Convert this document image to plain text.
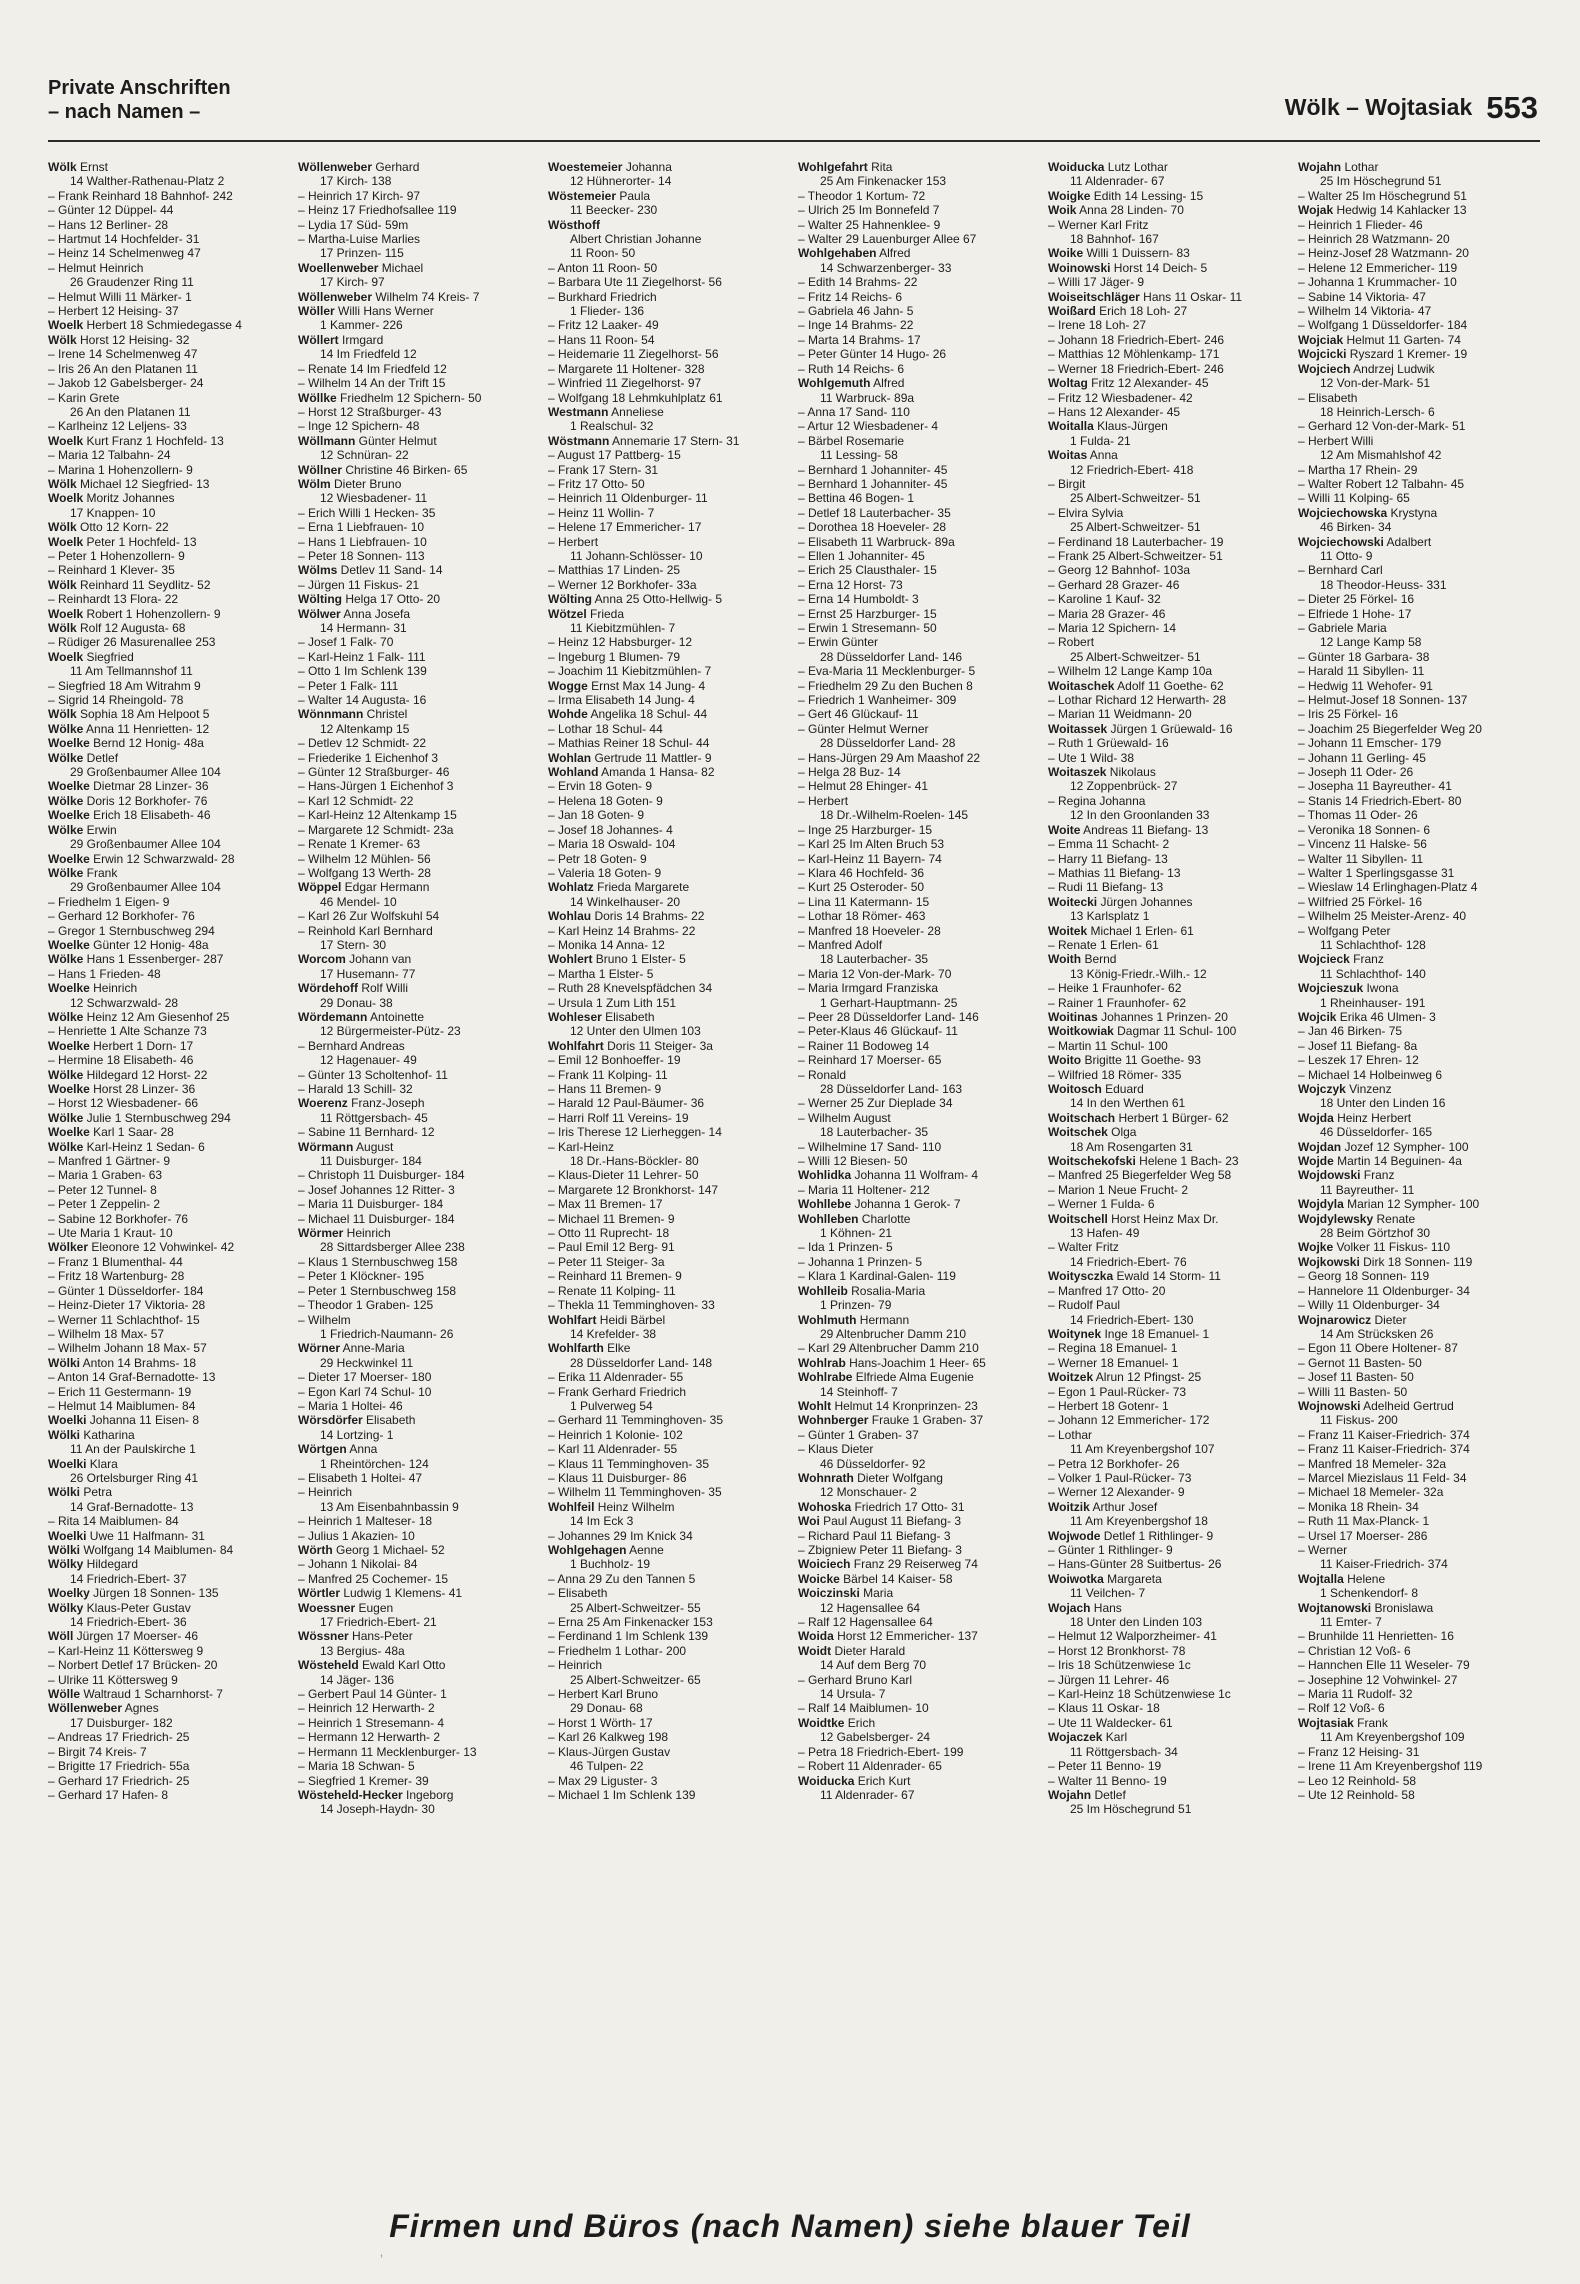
Private Anschriften
– nach Namen –	Wölk – Wojtasiak 553
Wölk Ernst
14 Walther-Rathenau-Platz 2
– Frank Reinhard 18 Bahnhof- 242
– Günter 12 Düppel- 44
– Hans 12 Berliner- 28
– Hartmut 14 Hochfelder- 31
– Heinz 14 Schelmenweg 47
– Helmut Heinrich
26 Graudenzer Ring 11
– Helmut Willi 11 Märker- 1
– Herbert 12 Heising- 37
Woelk Herbert 18 Schmiedegasse 4
Wölk Horst 12 Heising- 32
– Irene 14 Schelmenweg 47
– Iris 26 An den Platanen 11
– Jakob 12 Gabelsberger- 24
– Karin Grete
26 An den Platanen 11
– Karlheinz 12 Leljens- 33
Woelk Kurt Franz 1 Hochfeld- 13
– Maria 12 Talbahn- 24
– Marina 1 Hohenzollern- 9
Wölk Michael 12 Siegfried- 13
Woelk Moritz Johannes
17 Knappen- 10
Wölk Otto 12 Korn- 22
Woelk Peter 1 Hochfeld- 13
– Peter 1 Hohenzollern- 9
– Reinhard 1 Klever- 35
Wölk Reinhard 11 Seydlitz- 52
– Reinhardt 13 Flora- 22
Woelk Robert 1 Hohenzollern- 9
Wölk Rolf 12 Augusta- 68
– Rüdiger 26 Masurenallee 253
Woelk Siegfried
11 Am Tellmannshof 11
– Siegfried 18 Am Witrahm 9
– Sigrid 14 Rheingold- 78
Wölk Sophia 18 Am Helpoot 5
Wölke Anna 11 Henrietten- 12
Woelke Bernd 12 Honig- 48a
Wölke Detlef
29 Großenbaumer Allee 104
Woelke Dietmar 28 Linzer- 36
Wölke Doris 12 Borkhofer- 76
Woelke Erich 18 Elisabeth- 46
Wölke Erwin
29 Großenbaumer Allee 104
Woelke Erwin 12 Schwarzwald- 28
Wölke Frank
29 Großenbaumer Allee 104
– Friedhelm 1 Eigen- 9
– Gerhard 12 Borkhofer- 76
– Gregor 1 Sternbuschweg 294
Woelke Günter 12 Honig- 48a
Wölke Hans 1 Essenberger- 287
– Hans 1 Frieden- 48
Woelke Heinrich
12 Schwarzwald- 28
Wölke Heinz 12 Am Giesenhof 25
– Henriette 1 Alte Schanze 73
Woelke Herbert 1 Dorn- 17
– Hermine 18 Elisabeth- 46
Wölke Hildegard 12 Horst- 22
Woelke Horst 28 Linzer- 36
– Horst 12 Wiesbadener- 66
Wölke Julie 1 Sternbuschweg 294
Woelke Karl 1 Saar- 28
Wölke Karl-Heinz 1 Sedan- 6
– Manfred 1 Gärtner- 9
– Maria 1 Graben- 63
– Peter 12 Tunnel- 8
– Peter 1 Zeppelin- 2
– Sabine 12 Borkhofer- 76
– Ute Maria 1 Kraut- 10
Wölker Eleonore 12 Vohwinkel- 42
– Franz 1 Blumenthal- 44
– Fritz 18 Wartenburg- 28
– Günter 1 Düsseldorfer- 184
– Heinz-Dieter 17 Viktoria- 28
– Werner 11 Schlachthof- 15
– Wilhelm 18 Max- 57
– Wilhelm Johann 18 Max- 57
Wölki Anton 14 Brahms- 18
– Anton 14 Graf-Bernadotte- 13
– Erich 11 Gestermann- 19
– Helmut 14 Maiblumen- 84
Woelki Johanna 11 Eisen- 8
Wölki Katharina
11 An der Paulskirche 1
Woelki Klara
26 Ortelsburger Ring 41
Wölki Petra
14 Graf-Bernadotte- 13
– Rita 14 Maiblumen- 84
Woelki Uwe 11 Halfmann- 31
Wölki Wolfgang 14 Maiblumen- 84
Wölky Hildegard
14 Friedrich-Ebert- 37
Woelky Jürgen 18 Sonnen- 135
Wölky Klaus-Peter Gustav
14 Friedrich-Ebert- 36
Wöll Jürgen 17 Moerser- 46
– Karl-Heinz 11 Köttersweg 9
– Norbert Detlef 17 Brücken- 20
– Ulrike 11 Köttersweg 9
Wölle Waltraud 1 Scharnhorst- 7
Wöllenweber Agnes
17 Duisburger- 182
– Andreas 17 Friedrich- 25
– Birgit 74 Kreis- 7
– Brigitte 17 Friedrich- 55a
– Gerhard 17 Friedrich- 25
– Gerhard 17 Hafen- 8
Wöllenweber Gerhard
17 Kirch- 138
– Heinrich 17 Kirch- 97
– Heinz 17 Friedhofsallee 119
– Lydia 17 Süd- 59m
– Martha-Luise Marlies
17 Prinzen- 115
Woellenweber Michael
17 Kirch- 97
Wöllenweber Wilhelm 74 Kreis- 7
Wöller Willi Hans Werner
1 Kammer- 226
Wöllert Irmgard
14 Im Friedfeld 12
– Renate 14 Im Friedfeld 12
– Wilhelm 14 An der Trift 15
Wöllke Friedhelm 12 Spichern- 50
– Horst 12 Straßburger- 43
– Inge 12 Spichern- 48
Wöllmann Günter Helmut
12 Schnüran- 22
Wöllner Christine 46 Birken- 65
Wölm Dieter Bruno
12 Wiesbadener- 11
– Erich Willi 1 Hecken- 35
– Erna 1 Liebfrauen- 10
– Hans 1 Liebfrauen- 10
– Peter 18 Sonnen- 113
Wölms Detlev 11 Sand- 14
– Jürgen 11 Fiskus- 21
Wölting Helga 17 Otto- 20
Wölwer Anna Josefa
14 Hermann- 31
– Josef 1 Falk- 70
– Karl-Heinz 1 Falk- 111
– Otto 1 Im Schlenk 139
– Peter 1 Falk- 111
– Walter 14 Augusta- 16
Wönnmann Christel
12 Altenkamp 15
– Detlev 12 Schmidt- 22
– Friederike 1 Eichenhof 3
– Günter 12 Straßburger- 46
– Hans-Jürgen 1 Eichenhof 3
– Karl 12 Schmidt- 22
– Karl-Heinz 12 Altenkamp 15
– Margarete 12 Schmidt- 23a
– Renate 1 Kremer- 63
– Wilhelm 12 Mühlen- 56
– Wolfgang 13 Werth- 28
Wöppel Edgar Hermann
46 Mendel- 10
– Karl 26 Zur Wolfskuhl 54
– Reinhold Karl Bernhard
17 Stern- 30
Worcom Johann van
17 Husemann- 77
Wördehoff Rolf Willi
29 Donau- 38
Wördemann Antoinette
12 Bürgermeister-Pütz- 23
– Bernhard Andreas
12 Hagenauer- 49
– Günter 13 Scholtenhof- 11
– Harald 13 Schill- 32
Woerenz Franz-Joseph
11 Röttgersbach- 45
– Sabine 11 Bernhard- 12
Wörmann August
11 Duisburger- 184
– Christoph 11 Duisburger- 184
– Josef Johannes 12 Ritter- 3
– Maria 11 Duisburger- 184
– Michael 11 Duisburger- 184
Wörmer Heinrich
28 Sittardsberger Allee 238
– Klaus 1 Sternbuschweg 158
– Peter 1 Klöckner- 195
– Peter 1 Sternbuschweg 158
– Theodor 1 Graben- 125
– Wilhelm
1 Friedrich-Naumann- 26
Wörner Anne-Maria
29 Heckwinkel 11
– Dieter 17 Moerser- 180
– Egon Karl 74 Schul- 10
– Maria 1 Holtei- 46
Wörsdörfer Elisabeth
14 Lortzing- 1
Wörtgen Anna
1 Rheintörchen- 124
– Elisabeth 1 Holtei- 47
– Heinrich
13 Am Eisenbahnbassin 9
– Heinrich 1 Malteser- 18
– Julius 1 Akazien- 10
Wörth Georg 1 Michael- 52
– Johann 1 Nikolai- 84
– Manfred 25 Cochemer- 15
Wörtler Ludwig 1 Klemens- 41
Woessner Eugen
17 Friedrich-Ebert- 21
Wössner Hans-Peter
13 Bergius- 48a
Wösteheld Ewald Karl Otto
14 Jäger- 136
– Gerbert Paul 14 Günter- 1
– Heinrich 12 Herwarth- 2
– Heinrich 1 Stresemann- 4
– Hermann 12 Herwarth- 2
– Hermann 11 Mecklenburger- 13
– Maria 18 Schwan- 5
– Siegfried 1 Kremer- 39
Wösteheld-Hecker Ingeborg
14 Joseph-Haydn- 30
Woestemeier Johanna
12 Hühnerorter- 14
Wöstemeier Paula
11 Beecker- 230
Wösthoff
Albert Christian Johanne
11 Roon- 50
– Anton 11 Roon- 50
– Barbara Ute 11 Ziegelhorst- 56
– Burkhard Friedrich
1 Flieder- 136
– Fritz 12 Laaker- 49
– Hans 11 Roon- 54
– Heidemarie 11 Ziegelhorst- 56
– Margarete 11 Holtener- 328
– Winfried 11 Ziegelhorst- 97
– Wolfgang 18 Lehmkuhlplatz 61
Westmann Anneliese
1 Realschul- 32
Wöstmann Annemarie 17 Stern- 31
– August 17 Pattberg- 15
– Frank 17 Stern- 31
– Fritz 17 Otto- 50
– Heinrich 11 Oldenburger- 11
– Heinz 11 Wollin- 7
– Helene 17 Emmericher- 17
– Herbert
11 Johann-Schlösser- 10
– Matthias 17 Linden- 25
– Werner 12 Borkhofer- 33a
Wölting Anna 25 Otto-Hellwig- 5
Wötzel Frieda
11 Kiebitzmühlen- 7
– Heinz 12 Habsburger- 12
– Ingeburg 1 Blumen- 79
– Joachim 11 Kiebitzmühlen- 7
Wogge Ernst Max 14 Jung- 4
– Irma Elisabeth 14 Jung- 4
Wohde Angelika 18 Schul- 44
– Lothar 18 Schul- 44
– Mathias Reiner 18 Schul- 44
Wohlan Gertrude 11 Mattler- 9
Wohland Amanda 1 Hansa- 82
– Ervin 18 Goten- 9
– Helena 18 Goten- 9
– Jan 18 Goten- 9
– Josef 18 Johannes- 4
– Maria 18 Oswald- 104
– Petr 18 Goten- 9
– Valeria 18 Goten- 9
Wohlatz Frieda Margarete
14 Winkelhauser- 20
Wohlau Doris 14 Brahms- 22
– Karl Heinz 14 Brahms- 22
– Monika 14 Anna- 12
Wohlert Bruno 1 Elster- 5
– Martha 1 Elster- 5
– Ruth 28 Knevelspfädchen 34
– Ursula 1 Zum Lith 151
Wohleser Elisabeth
12 Unter den Ulmen 103
Wohlfahrt Doris 11 Steiger- 3a
– Emil 12 Bonhoeffer- 19
– Frank 11 Kolping- 11
– Hans 11 Bremen- 9
– Harald 12 Paul-Bäumer- 36
– Harri Rolf 11 Vereins- 19
– Iris Therese 12 Lierheggen- 14
– Karl-Heinz
18 Dr.-Hans-Böckler- 80
– Klaus-Dieter 11 Lehrer- 50
– Margarete 12 Bronkhorst- 147
– Max 11 Bremen- 17
– Michael 11 Bremen- 9
– Otto 11 Ruprecht- 18
– Paul Emil 12 Berg- 91
– Peter 11 Steiger- 3a
– Reinhard 11 Bremen- 9
– Renate 11 Kolping- 11
– Thekla 11 Temminghoven- 33
Wohlfart Heidi Bärbel
14 Krefelder- 38
Wohlfarth Elke
28 Düsseldorfer Land- 148
– Erika 11 Aldenrader- 55
– Frank Gerhard Friedrich
1 Pulverweg 54
– Gerhard 11 Temminghoven- 35
– Heinrich 1 Kolonie- 102
– Karl 11 Aldenrader- 55
– Klaus 11 Temminghoven- 35
– Klaus 11 Duisburger- 86
– Wilhelm 11 Temminghoven- 35
Wohlfeil Heinz Wilhelm
14 Im Eck 3
– Johannes 29 Im Knick 34
Wohlgehagen Aenne
1 Buchholz- 19
– Anna 29 Zu den Tannen 5
– Elisabeth
25 Albert-Schweitzer- 55
– Erna 25 Am Finkenacker 153
– Ferdinand 1 Im Schlenk 139
– Friedhelm 1 Lothar- 200
– Heinrich
25 Albert-Schweitzer- 65
– Herbert Karl Bruno
29 Donau- 68
– Horst 1 Wörth- 17
– Karl 26 Kalkweg 198
– Klaus-Jürgen Gustav
46 Tulpen- 22
– Max 29 Liguster- 3
– Michael 1 Im Schlenk 139
Wohlgefahrt Rita
25 Am Finkenacker 153
– Theodor 1 Kortum- 72
– Ulrich 25 Im Bonnefeld 7
– Walter 25 Hahnenklee- 9
– Walter 29 Lauenburger Allee 67
Wohlgehaben Alfred
14 Schwarzenberger- 33
– Edith 14 Brahms- 22
– Fritz 14 Reichs- 6
– Gabriela 46 Jahn- 5
– Inge 14 Brahms- 22
– Marta 14 Brahms- 17
– Peter Günter 14 Hugo- 26
– Ruth 14 Reichs- 6
Wohlgemuth Alfred
11 Warbruck- 89a
– Anna 17 Sand- 110
– Artur 12 Wiesbadener- 4
– Bärbel Rosemarie
11 Lessing- 58
– Bernhard 1 Johanniter- 45
– Bernhard 1 Johanniter- 45
– Bettina 46 Bogen- 1
– Detlef 18 Lauterbacher- 35
– Dorothea 18 Hoeveler- 28
– Elisabeth 11 Warbruck- 89a
– Ellen 1 Johanniter- 45
– Erich 25 Clausthaler- 15
– Erna 12 Horst- 73
– Erna 14 Humboldt- 3
– Ernst 25 Harzburger- 15
– Erwin 1 Stresemann- 50
– Erwin Günter
28 Düsseldorfer Land- 146
– Eva-Maria 11 Mecklenburger- 5
– Friedhelm 29 Zu den Buchen 8
– Friedrich 1 Wanheimer- 309
– Gert 46 Glückauf- 11
– Günter Helmut Werner
28 Düsseldorfer Land- 28
– Hans-Jürgen 29 Am Maashof 22
– Helga 28 Buz- 14
– Helmut 28 Ehinger- 41
– Herbert
18 Dr.-Wilhelm-Roelen- 145
– Inge 25 Harzburger- 15
– Karl 25 Im Alten Bruch 53
– Karl-Heinz 11 Bayern- 74
– Klara 46 Hochfeld- 36
– Kurt 25 Osteroder- 50
– Lina 11 Katermann- 15
– Lothar 18 Römer- 463
– Manfred 18 Hoeveler- 28
– Manfred Adolf
18 Lauterbacher- 35
– Maria 12 Von-der-Mark- 70
– Maria Irmgard Franziska
1 Gerhart-Hauptmann- 25
– Peer 28 Düsseldorfer Land- 146
– Peter-Klaus 46 Glückauf- 11
– Rainer 11 Bodoweg 14
– Reinhard 17 Moerser- 65
– Ronald
28 Düsseldorfer Land- 163
– Werner 25 Zur Dieplade 34
– Wilhelm August
18 Lauterbacher- 35
– Wilhelmine 17 Sand- 110
– Willi 12 Biesen- 50
Wohlidka Johanna 11 Wolfram- 4
– Maria 11 Holtener- 212
Wohllebe Johanna 1 Gerok- 7
Wohlleben Charlotte
1 Köhnen- 21
– Ida 1 Prinzen- 5
– Johanna 1 Prinzen- 5
– Klara 1 Kardinal-Galen- 119
Wohlleib Rosalia-Maria
1 Prinzen- 79
Wohlmuth Hermann
29 Altenbrucher Damm 210
– Karl 29 Altenbrucher Damm 210
Wohlrab Hans-Joachim 1 Heer- 65
Wohlrabe Elfriede Alma Eugenie
14 Steinhoff- 7
Wohlt Helmut 14 Kronprinzen- 23
Wohnberger Frauke 1 Graben- 37
– Günter 1 Graben- 37
– Klaus Dieter
46 Düsseldorfer- 92
Wohnrath Dieter Wolfgang
12 Monschauer- 2
Wohoska Friedrich 17 Otto- 31
Woi Paul August 11 Biefang- 3
– Richard Paul 11 Biefang- 3
– Zbigniew Peter 11 Biefang- 3
Woiciech Franz 29 Reiserweg 74
Woicke Bärbel 14 Kaiser- 58
Woiczinski Maria
12 Hagensallee 64
– Ralf 12 Hagensallee 64
Woida Horst 12 Emmericher- 137
Woidt Dieter Harald
14 Auf dem Berg 70
– Gerhard Bruno Karl
14 Ursula- 7
– Ralf 14 Maiblumen- 10
Woidtke Erich
12 Gabelsberger- 24
– Petra 18 Friedrich-Ebert- 199
– Robert 11 Aldenrader- 65
Woiducka Erich Kurt
11 Aldenrader- 67
Woiducka Lutz Lothar
11 Aldenrader- 67
Woigke Edith 14 Lessing- 15
Woik Anna 28 Linden- 70
– Werner Karl Fritz
18 Bahnhof- 167
Woike Willi 1 Duissern- 83
Woinowski Horst 14 Deich- 5
– Willi 17 Jäger- 9
Woiseitschläger Hans 11 Oskar- 11
Woißard Erich 18 Loh- 27
– Irene 18 Loh- 27
– Johann 18 Friedrich-Ebert- 246
– Matthias 12 Möhlenkamp- 171
– Werner 18 Friedrich-Ebert- 246
Woltag Fritz 12 Alexander- 45
– Fritz 12 Wiesbadener- 42
– Hans 12 Alexander- 45
Woitalla Klaus-Jürgen
1 Fulda- 21
Woitas Anna
12 Friedrich-Ebert- 418
– Birgit
25 Albert-Schweitzer- 51
– Elvira Sylvia
25 Albert-Schweitzer- 51
– Ferdinand 18 Lauterbacher- 19
– Frank 25 Albert-Schweitzer- 51
– Georg 12 Bahnhof- 103a
– Gerhard 28 Grazer- 46
– Karoline 1 Kauf- 32
– Maria 28 Grazer- 46
– Maria 12 Spichern- 14
– Robert
25 Albert-Schweitzer- 51
– Wilhelm 12 Lange Kamp 10a
Woitaschek Adolf 11 Goethe- 62
– Lothar Richard 12 Herwarth- 28
– Marian 11 Weidmann- 20
Woitassek Jürgen 1 Grüewald- 16
– Ruth 1 Grüewald- 16
– Ute 1 Wild- 38
Woitaszek Nikolaus
12 Zoppenbrück- 27
– Regina Johanna
12 In den Groonlanden 33
Woite Andreas 11 Biefang- 13
– Emma 11 Schacht- 2
– Harry 11 Biefang- 13
– Mathias 11 Biefang- 13
– Rudi 11 Biefang- 13
Woitecki Jürgen Johannes
13 Karlsplatz 1
Woitek Michael 1 Erlen- 61
– Renate 1 Erlen- 61
Woith Bernd
13 König-Friedr.-Wilh.- 12
– Heike 1 Fraunhofer- 62
– Rainer 1 Fraunhofer- 62
Woitinas Johannes 1 Prinzen- 20
Woitkowiak Dagmar 11 Schul- 100
– Martin 11 Schul- 100
Woito Brigitte 11 Goethe- 93
– Wilfried 18 Römer- 335
Woitosch Eduard
14 In den Werthen 61
Woitschach Herbert 1 Bürger- 62
Woitschek Olga
18 Am Rosengarten 31
Woitschekofski Helene 1 Bach- 23
– Manfred 25 Biegerfelder Weg 58
– Marion 1 Neue Frucht- 2
– Werner 1 Fulda- 6
Woitschell Horst Heinz Max Dr.
13 Hafen- 49
– Walter Fritz
14 Friedrich-Ebert- 76
Woitysczka Ewald 14 Storm- 11
– Manfred 17 Otto- 20
– Rudolf Paul
14 Friedrich-Ebert- 130
Woitynek Inge 18 Emanuel- 1
– Regina 18 Emanuel- 1
– Werner 18 Emanuel- 1
Woitzek Alrun 12 Pfingst- 25
– Egon 1 Paul-Rücker- 73
– Herbert 18 Gotenr- 1
– Johann 12 Emmericher- 172
– Lothar
11 Am Kreyenbergshof 107
– Petra 12 Borkhofer- 26
– Volker 1 Paul-Rücker- 73
– Werner 12 Alexander- 9
Woitzik Arthur Josef
11 Am Kreyenbergshof 18
Wojwode Detlef 1 Rithlinger- 9
– Günter 1 Rithlinger- 9
– Hans-Günter 28 Suitbertus- 26
Woiwotka Margareta
11 Veilchen- 7
Wojach Hans
18 Unter den Linden 103
– Helmut 12 Walporzheimer- 41
– Horst 12 Bronkhorst- 78
– Iris 18 Schützenwiese 1c
– Jürgen 11 Lehrer- 46
– Karl-Heinz 18 Schützenwiese 1c
– Klaus 11 Oskar- 18
– Ute 11 Waldecker- 61
Wojaczek Karl
11 Röttgersbach- 34
– Peter 11 Benno- 19
– Walter 11 Benno- 19
Wojahn Detlef
25 Im Höschegrund 51
Wojahn Lothar
25 Im Höschegrund 51
– Walter 25 Im Höschegrund 51
Wojak Hedwig 14 Kahlacker 13
– Heinrich 1 Flieder- 46
– Heinrich 28 Watzmann- 20
– Heinz-Josef 28 Watzmann- 20
– Helene 12 Emmericher- 119
– Johanna 1 Krummacher- 10
– Sabine 14 Viktoria- 47
– Wilhelm 14 Viktoria- 47
– Wolfgang 1 Düsseldorfer- 184
Wojciak Helmut 11 Garten- 74
Wojcicki Ryszard 1 Kremer- 19
Wojciech Andrzej Ludwik
12 Von-der-Mark- 51
– Elisabeth
18 Heinrich-Lersch- 6
– Gerhard 12 Von-der-Mark- 51
– Herbert Willi
12 Am Mismahlshof 42
– Martha 17 Rhein- 29
– Walter Robert 12 Talbahn- 45
– Willi 11 Kolping- 65
Wojciechowska Krystyna
46 Birken- 34
Wojciechowski Adalbert
11 Otto- 9
– Bernhard Carl
18 Theodor-Heuss- 331
– Dieter 25 Förkel- 16
– Elfriede 1 Hohe- 17
– Gabriele Maria
12 Lange Kamp 58
– Günter 18 Garbara- 38
– Harald 11 Sibyllen- 11
– Hedwig 11 Wehofer- 91
– Helmut-Josef 18 Sonnen- 137
– Iris 25 Förkel- 16
– Joachim 25 Biegerfelder Weg 20
– Johann 11 Emscher- 179
– Johann 11 Gerling- 45
– Joseph 11 Oder- 26
– Josepha 11 Bayreuther- 41
– Stanis 14 Friedrich-Ebert- 80
– Thomas 11 Oder- 26
– Veronika 18 Sonnen- 6
– Vincenz 11 Halske- 56
– Walter 11 Sibyllen- 11
– Walter 1 Sperlingsgasse 31
– Wieslaw 14 Erlinghagen-Platz 4
– Wilfried 25 Förkel- 16
– Wilhelm 25 Meister-Arenz- 40
– Wolfgang Peter
11 Schlachthof- 128
Wojcieck Franz
11 Schlachthof- 140
Wojcieszuk Iwona
1 Rheinhauser- 191
Wojcik Erika 46 Ulmen- 3
– Jan 46 Birken- 75
– Josef 11 Biefang- 8a
– Leszek 17 Ehren- 12
– Michael 14 Holbeinweg 6
Wojczyk Vinzenz
18 Unter den Linden 16
Wojda Heinz Herbert
46 Düsseldorfer- 165
Wojdan Jozef 12 Sympher- 100
Wojde Martin 14 Beguinen- 4a
Wojdowski Franz
11 Bayreuther- 11
Wojdyla Marian 12 Sympher- 100
Wojdylewsky Renate
28 Beim Görtzhof 30
Wojke Volker 11 Fiskus- 110
Wojkowski Dirk 18 Sonnen- 119
– Georg 18 Sonnen- 119
– Hannelore 11 Oldenburger- 34
– Willy 11 Oldenburger- 34
Wojnarowicz Dieter
14 Am Strücksken 26
– Egon 11 Obere Holtener- 87
– Gernot 11 Basten- 50
– Josef 11 Basten- 50
– Willi 11 Basten- 50
Wojnowski Adelheid Gertrud
11 Fiskus- 200
– Franz 11 Kaiser-Friedrich- 374
– Franz 11 Kaiser-Friedrich- 374
– Manfred 18 Memeler- 32a
– Marcel Miezislaus 11 Feld- 34
– Michael 18 Memeler- 32a
– Monika 18 Rhein- 34
– Ruth 11 Max-Planck- 1
– Ursel 17 Moerser- 286
– Werner
11 Kaiser-Friedrich- 374
Wojtalla Helene
1 Schenkendorf- 8
Wojtanowski Bronislawa
11 Emter- 7
– Brunhilde 11 Henrietten- 16
– Christian 12 Voß- 6
– Hannchen Elle 11 Weseler- 79
– Josephine 12 Vohwinkel- 27
– Maria 11 Rudolf- 32
– Rolf 12 Voß- 6
Wojtasiak Frank
11 Am Kreyenbergshof 109
– Franz 12 Heising- 31
– Irene 11 Am Kreyenbergshof 119
– Leo 12 Reinhold- 58
– Ute 12 Reinhold- 58
Firmen und Büros (nach Namen) siehe blauer Teil
ʼ
